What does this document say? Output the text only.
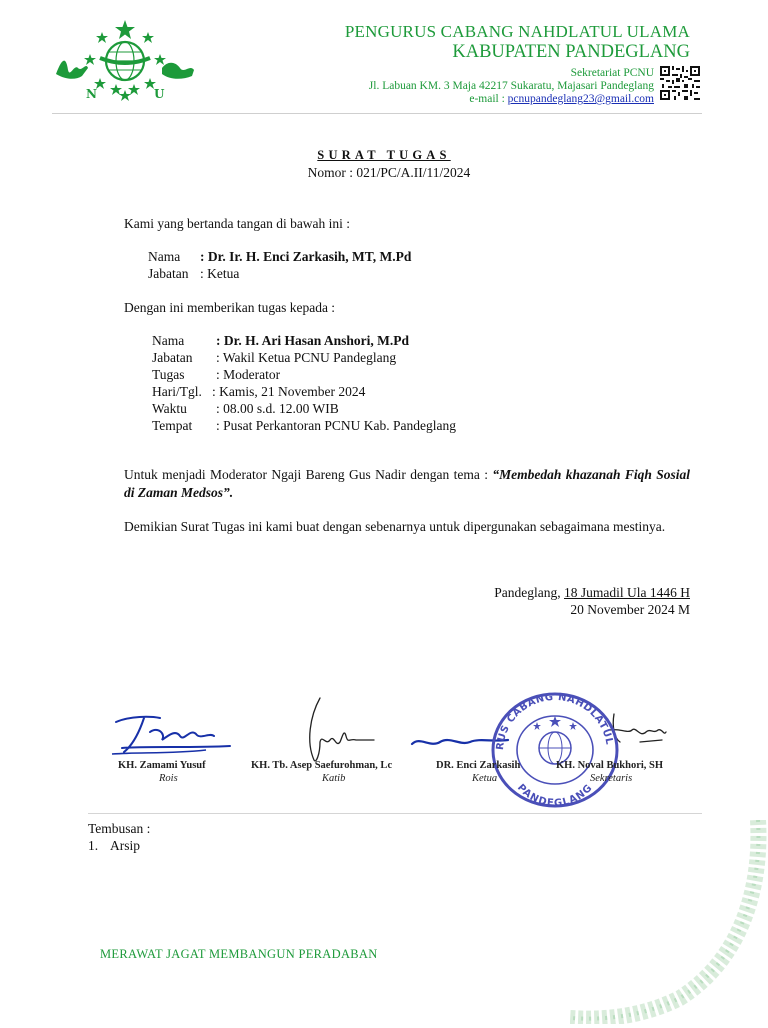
N	U
PENGURUS CABANG NAHDLATUL ULAMA
KABUPATEN PANDEGLANG
Sekretariat PCNU
Jl. Labuan KM. 3 Maja 42217 Sukaratu, Majasari Pandeglang
e-mail : pcnupandeglang23@gmail.com
SURAT TUGAS
Nomor : 021/PC/A.II/11/2024
Kami yang bertanda tangan di bawah ini :
Nama : Dr. Ir. H. Enci Zarkasih, MT, M.Pd
Jabatan : Ketua
Dengan ini memberikan tugas kepada :
Nama : Dr. H. Ari Hasan Anshori, M.Pd
Jabatan : Wakil Ketua PCNU Pandeglang
Tugas : Moderator
Hari/Tgl. : Kamis, 21 November 2024
Waktu : 08.00 s.d. 12.00 WIB
Tempat : Pusat Perkantoran PCNU Kab. Pandeglang
Untuk menjadi Moderator Ngaji Bareng Gus Nadir dengan tema : “Membedah khazanah Fiqh Sosial di Zaman Medsos”.
Demikian Surat Tugas ini kami buat dengan sebenarnya untuk dipergunakan sebagaimana mestinya.
Pandeglang, 18 Jumadil Ula 1446 H
20 November 2024 M
RUS CABANG NAHDLATUL
PANDEGLANG
KH. Zamami Yusuf
Rois
KH. Tb. Asep Saefurohman, Lc
Katib
DR. Enci Zarkasih
Ketua
KH. Noval Bukhori, SH
Sekretaris
Tembusan :
1. Arsip
MERAWAT JAGAT MEMBANGUN PERADABAN
